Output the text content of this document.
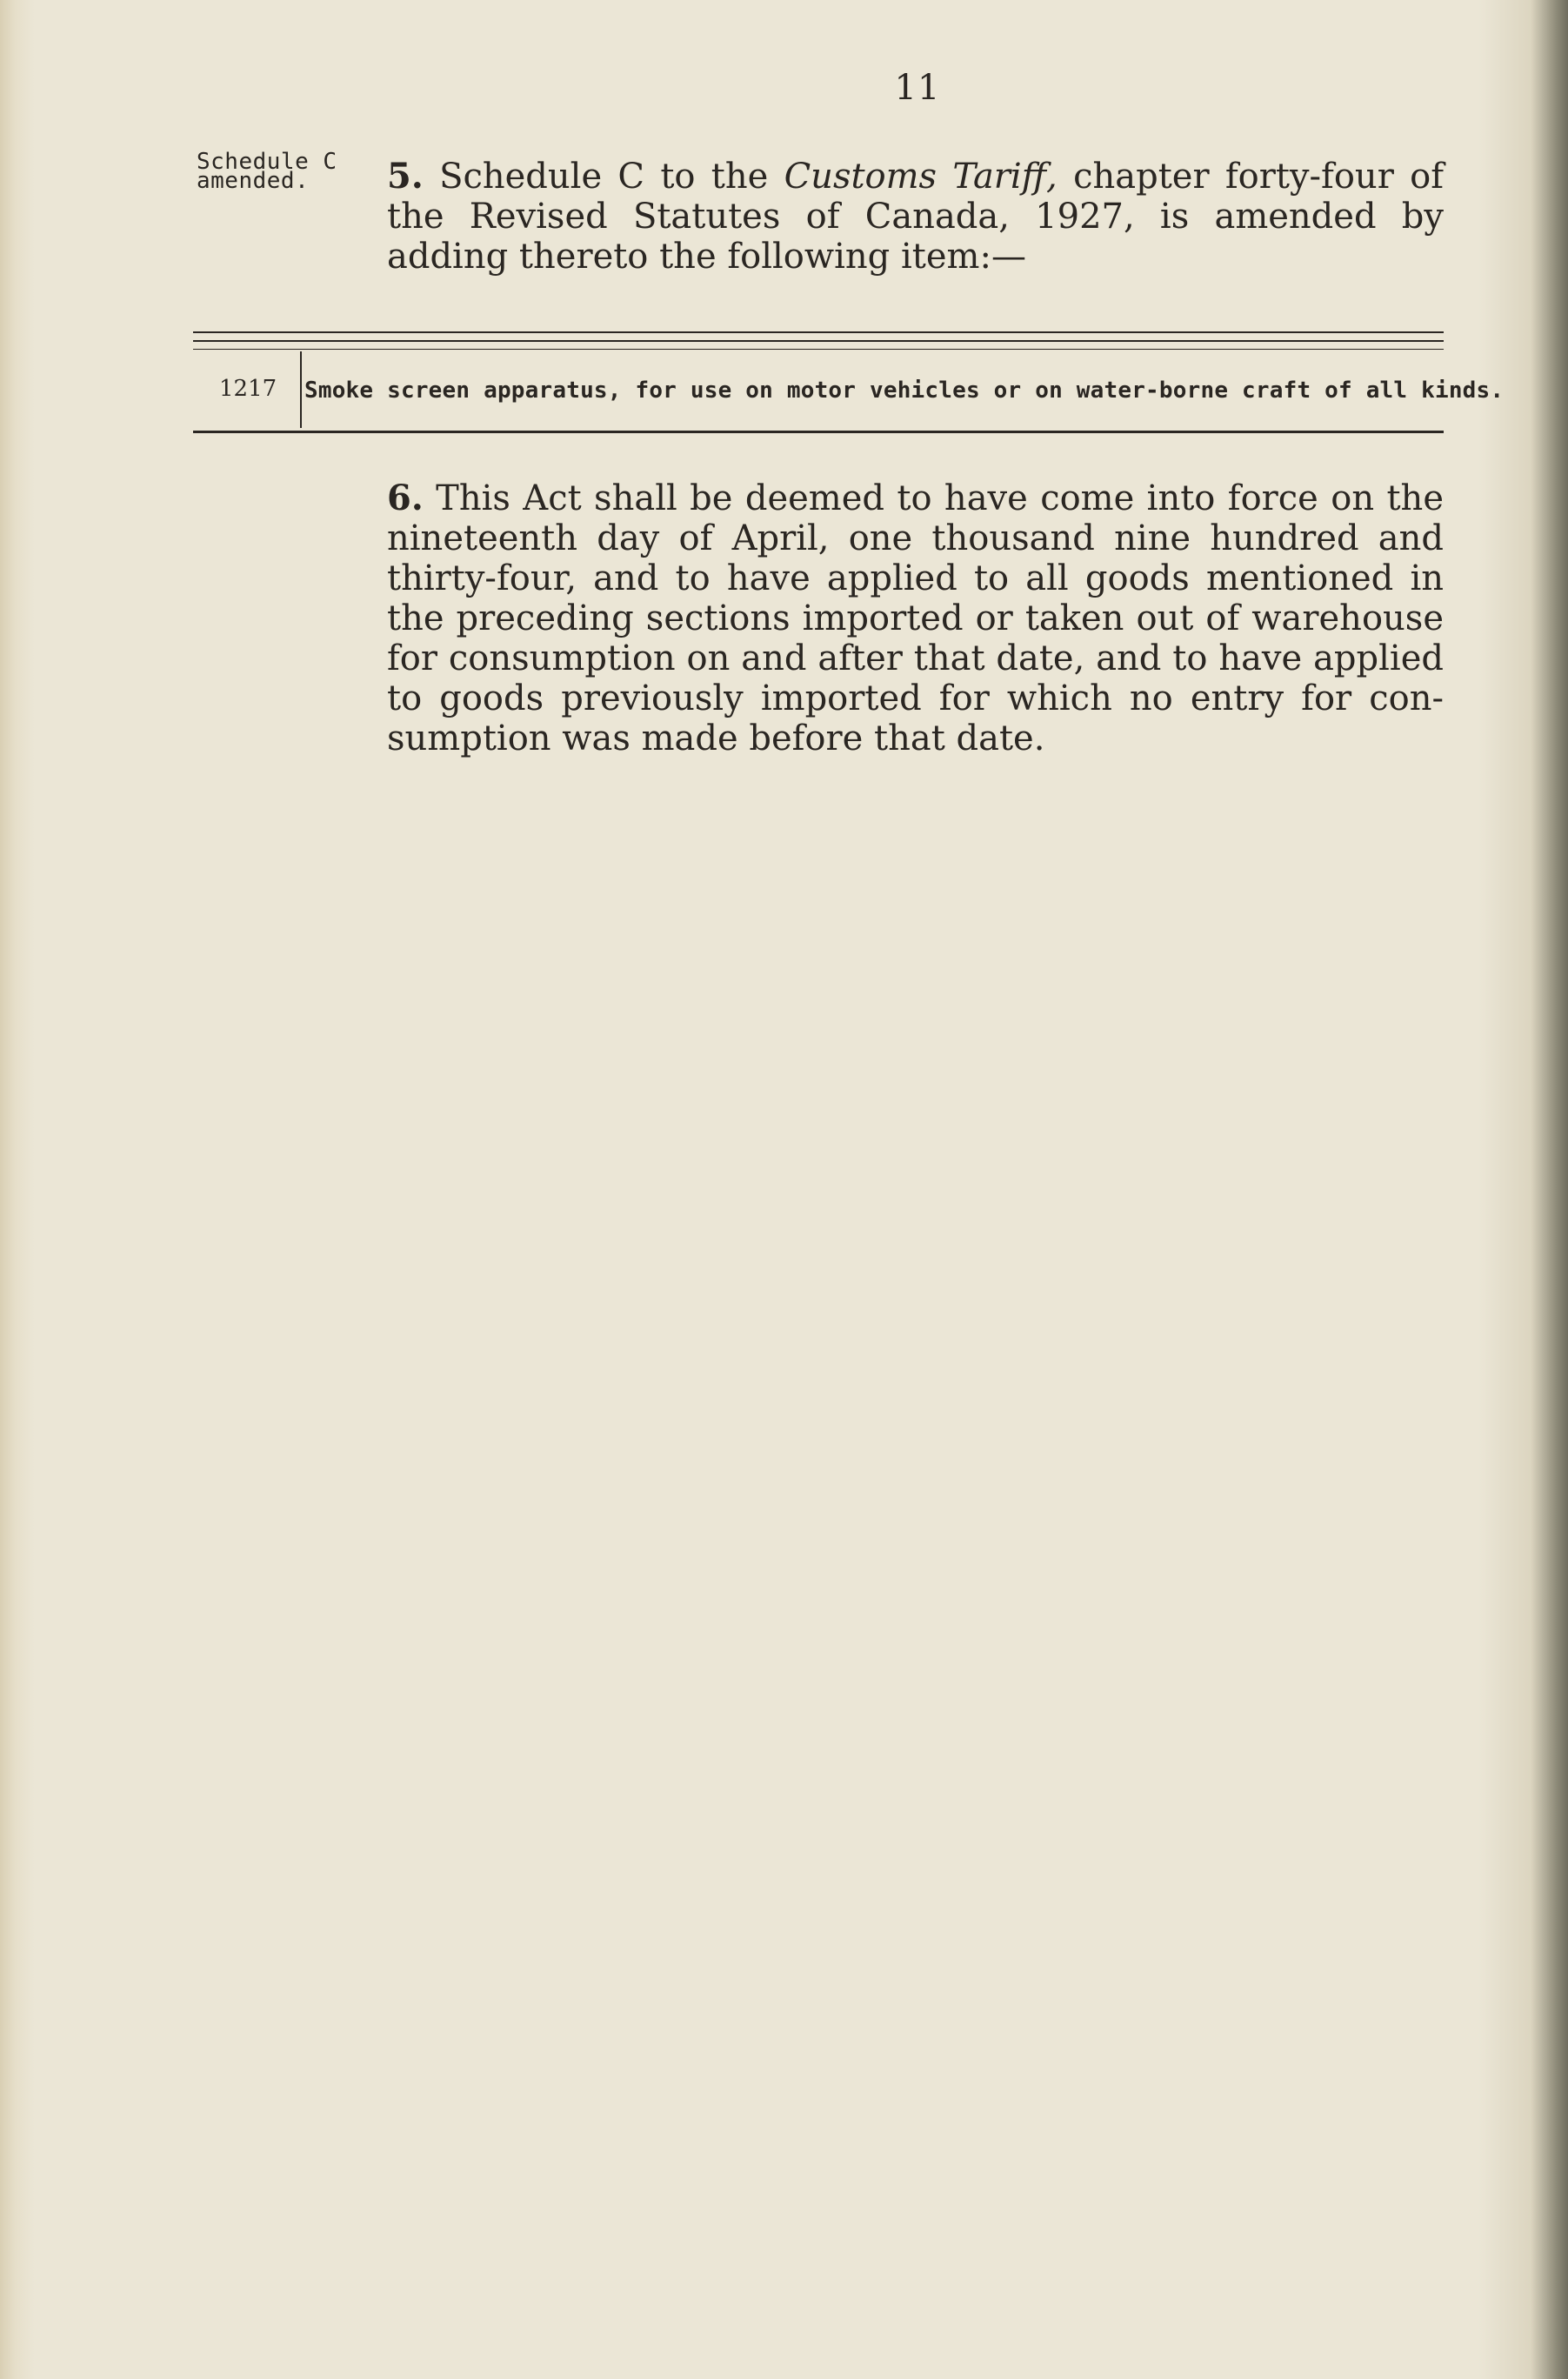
11
Schedule C
amended.	5. Schedule C to the Customs Tariff, chapter forty-four of the Revised Statutes of Canada, 1927, is amended by adding thereto the following item:—

1217 Smoke screen apparatus, for use on motor vehicles or on water-borne craft of all kinds.

6. This Act shall be deemed to have come into force on the nineteenth day of April, one thousand nine hundred and thirty-four, and to have applied to all goods mentioned in the preceding sections imported or taken out of warehouse for consumption on and after that date, and to have applied to goods previously imported for which no entry for con-sumption was made before that date.
